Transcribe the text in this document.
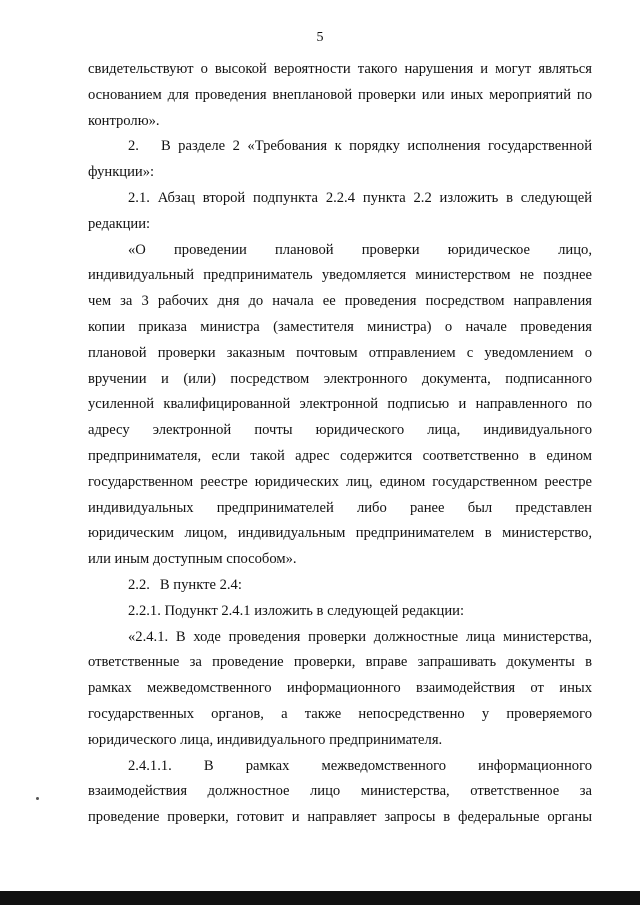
5
свидетельствуют о высокой вероятности такого нарушения и могут являться
основанием для проведения внеплановой проверки или иных мероприятий по
контролю».
2. В разделе 2 «Требования к порядку исполнения государственной
функции»:
2.1. Абзац второй подпункта 2.2.4 пункта 2.2 изложить в следующей
редакции:
«О проведении плановой проверки юридическое лицо,
индивидуальный предприниматель уведомляется министерством не позднее
чем за 3 рабочих дня до начала ее проведения посредством направления
копии приказа министра (заместителя министра) о начале проведения
плановой проверки заказным почтовым отправлением с уведомлением о
вручении и (или) посредством электронного документа, подписанного
усиленной квалифицированной электронной подписью и направленного по
адресу электронной почты юридического лица, индивидуального
предпринимателя, если такой адрес содержится соответственно в едином
государственном реестре юридических лиц, едином государственном реестре
индивидуальных предпринимателей либо ранее был представлен
юридическим лицом, индивидуальным предпринимателем в министерство,
или иным доступным способом».
2.2. В пункте 2.4:
2.2.1. Подункт 2.4.1 изложить в следующей редакции:
«2.4.1. В ходе проведения проверки должностные лица министерства,
ответственные за проведение проверки, вправе запрашивать документы в
рамках межведомственного информационного взаимодействия от иных
государственных органов, а также непосредственно у проверяемого
юридического лица, индивидуального предпринимателя.
2.4.1.1. В рамках межведомственного информационного
взаимодействия должностное лицо министерства, ответственное за
проведение проверки, готовит и направляет запросы в федеральные органы
